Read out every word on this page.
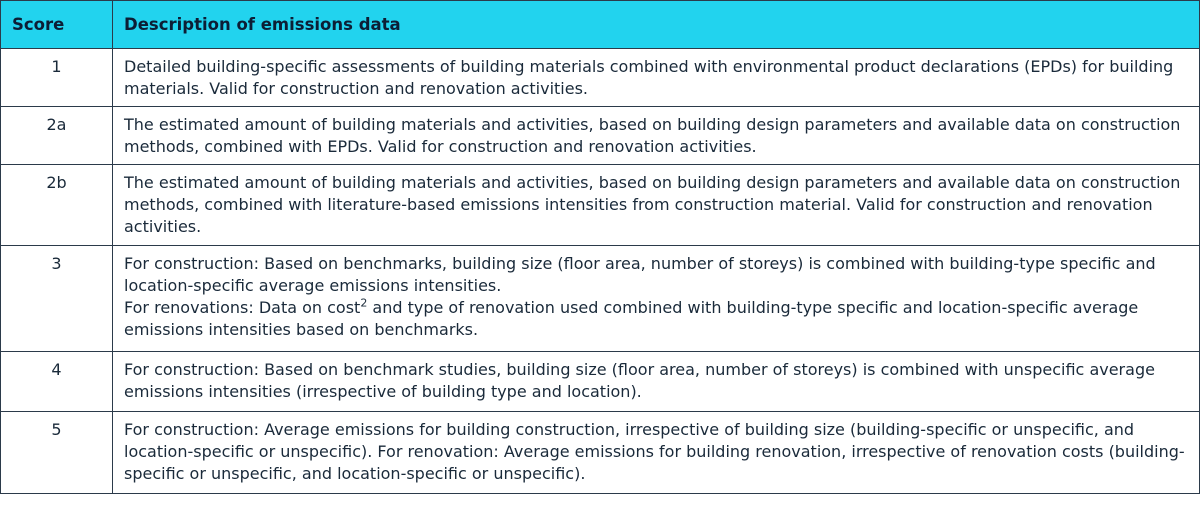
Score	Description of emissions data
1	Detailed building-specific assessments of building materials combined with environmental product declarations (EPDs) for building materials. Valid for construction and renovation activities.
2a	The estimated amount of building materials and activities, based on building design parameters and available data on construction methods, combined with EPDs. Valid for construction and renovation activities.
2b	The estimated amount of building materials and activities, based on building design parameters and available data on construction methods, combined with literature-based emissions intensities from construction material. Valid for construction and renovation activities.
3	For construction: Based on benchmarks, building size (floor area, number of storeys) is combined with building-type specific and location-specific average emissions intensities.
For renovations: Data on cost$^2$ and type of renovation used combined with building-type specific and location-specific average emissions intensities based on benchmarks.

4	For construction: Based on benchmark studies, building size (floor area, number of storeys) is combined with unspecific average emissions intensities (irrespective of building type and location).
5	For construction: Average emissions for building construction, irrespective of building size (building-specific or unspecific, and location-specific or unspecific). For renovation: Average emissions for building renovation, irrespective of renovation costs (building-specific or unspecific, and location-specific or unspecific).
